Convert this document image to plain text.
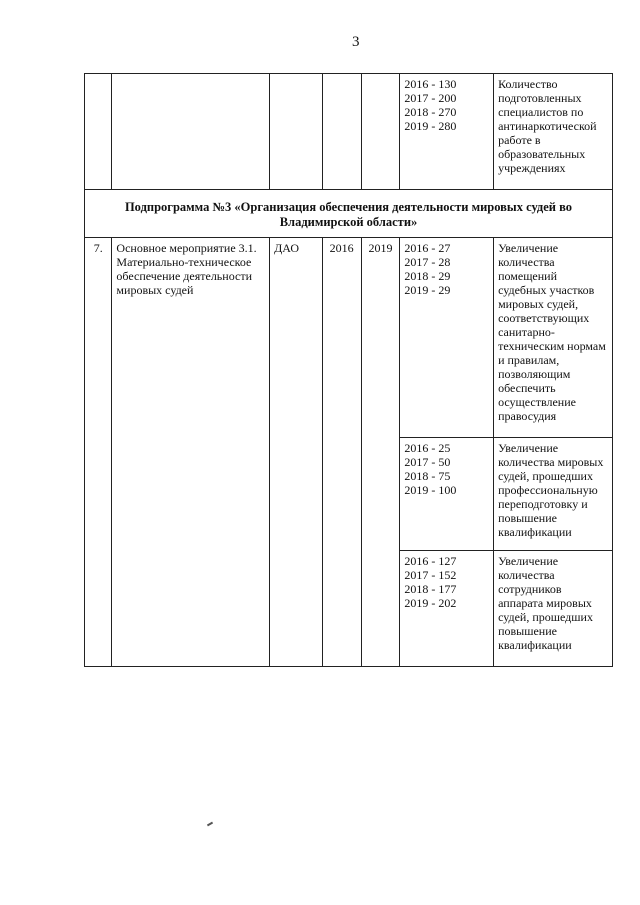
3

					2016 - 130
2017 - 200
2018 - 270
2019 - 280	Количество подготовленных специалистов по антинаркотической работе в образовательных учреждениях
Подпрограмма №3 «Организация обеспечения деятельности мировых судей во Владимирской области»						
7.	Основное мероприятие 3.1. Материально-техническое обеспечение деятельности мировых судей	ДАО	2016	2019	2016 - 27
2017 - 28
2018 - 29
2019 - 29	Увеличение количества помещений судебных участков мировых судей, соответствующих санитарно-техническим нормам и правилам, позволяющим обеспечить осуществление правосудия

					2016 - 25
2017 - 50
2018 - 75
2019 - 100	Увеличение количества мировых судей, прошедших профессиональную переподготовку и повышение квалификации

					2016 - 127
2017 - 152
2018 - 177
2019 - 202	Увеличение количества сотрудников аппарата мировых судей, прошедших повышение квалификации
